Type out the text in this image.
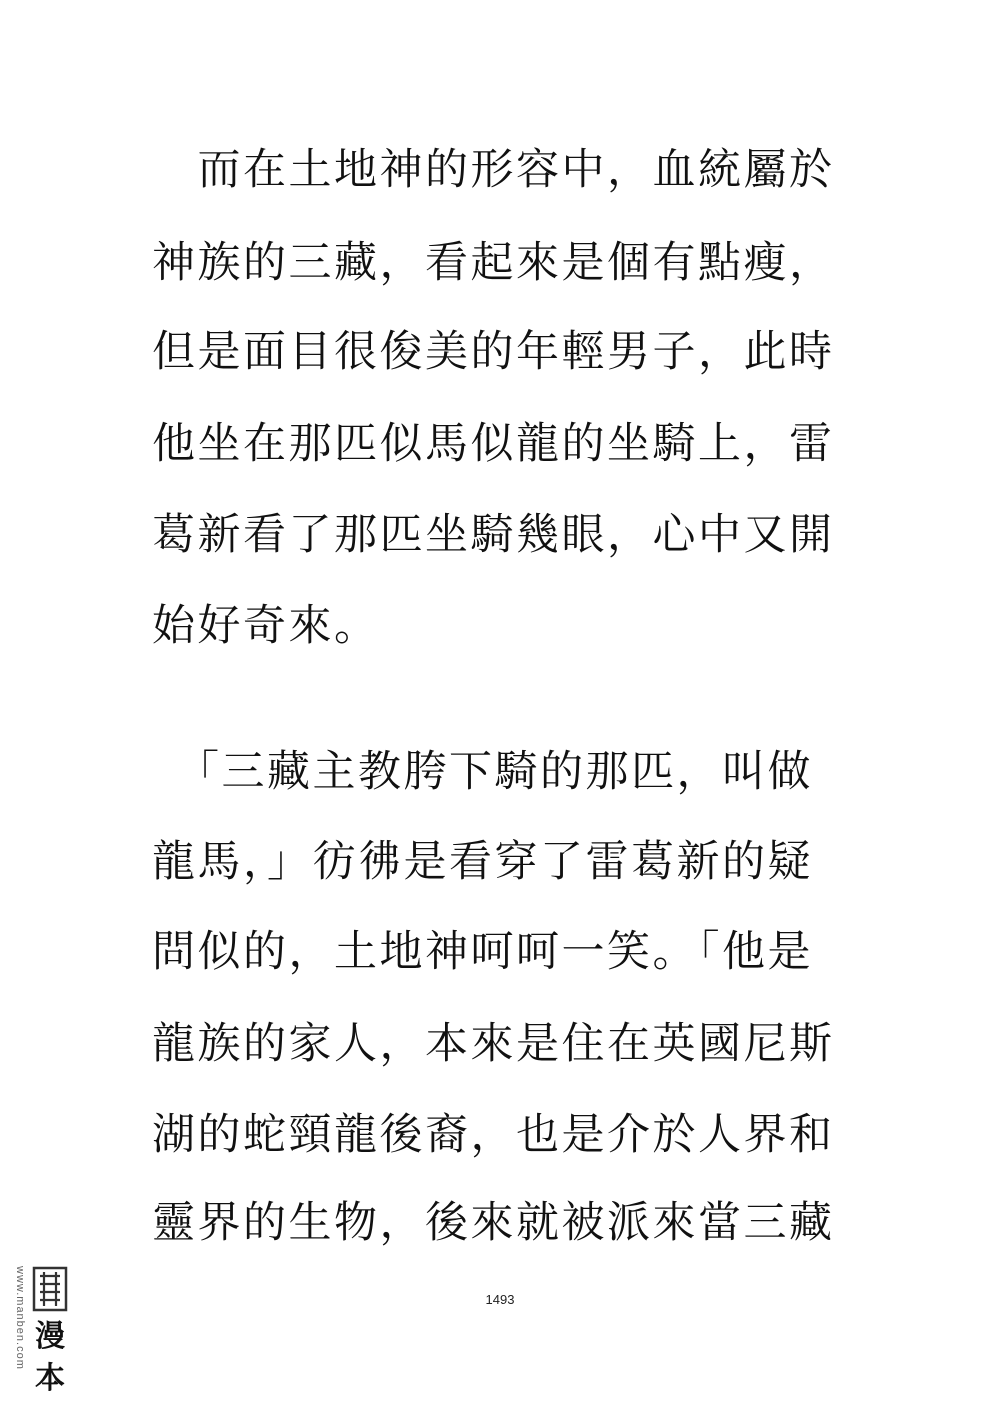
　而在土地神的形容中，血統屬於
神族的三藏，看起來是個有點瘦，
但是面目很俊美的年輕男子，此時
他坐在那匹似馬似龍的坐騎上，雷
葛新看了那匹坐騎幾眼，心中又開
始好奇來。
　「三藏主教胯下騎的那匹，叫做
龍馬，」彷彿是看穿了雷葛新的疑
問似的，土地神呵呵一笑。「他是
龍族的家人，本來是住在英國尼斯
湖的蛇頸龍後裔，也是介於人界和
靈界的生物，後來就被派來當三藏
1493
www.manben.com 漫
本
